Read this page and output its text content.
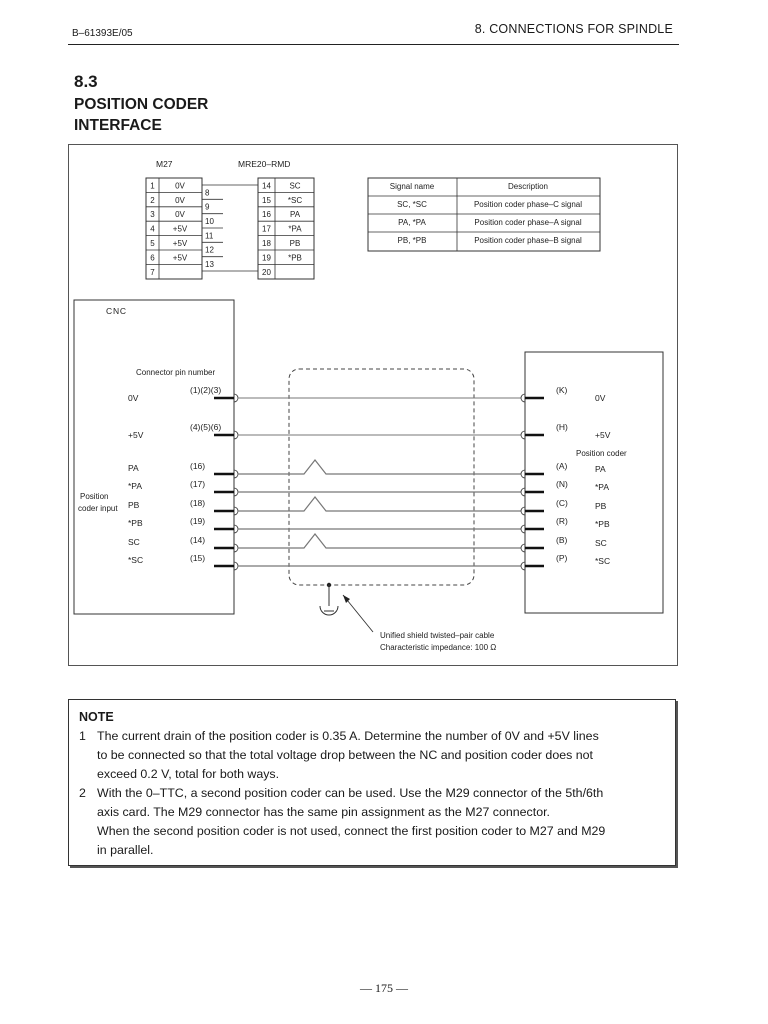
B–61393E/05	8. CONNECTIONS FOR SPINDLE
8.3
POSITION CODER
INTERFACE
M27	MRE20–RMD
1	0V
2	0V
3	0V
4 +5V
5 +5V
6 +5V
7
8
9
10
11
12
13
14 SC
15 *SC
16 PA
17 *PA
18 PB
19 *PB
20
Signal name	Description
SC, *SC	Position coder phase–C signal
PA, *PA	Position coder phase–A signal
PB, *PB	Position coder phase–B signal
CNC
Connector pin number
Position
coder input
Position coder
Unified shield twisted–pair cable
Characteristic impedance: 100 Ω
0V
(1)(2)(3)	(K)
0V
+5V
(4)(5)(6)	(H)
+5V
PA	(16)	(A)	PA
*PA	(17)	(N)	*PA
PB	(18)	(C)	PB
*PB	(19)	(R)	*PB
SC	(14)	(B)	SC
*SC	(15)	(P)	*SC
NOTE
1 The current drain of the position coder is 0.35 A. Determine the number of 0V and +5V lines
to be connected so that the total voltage drop between the NC and position coder does not
exceed 0.2 V, total for both ways.
2 With the 0–TTC, a second position coder can be used. Use the M29 connector of the 5th/6th
axis card. The M29 connector has the same pin assignment as the M27 connector.
When the second position coder is not used, connect the first position coder to M27 and M29
in parallel.
— 175 —
